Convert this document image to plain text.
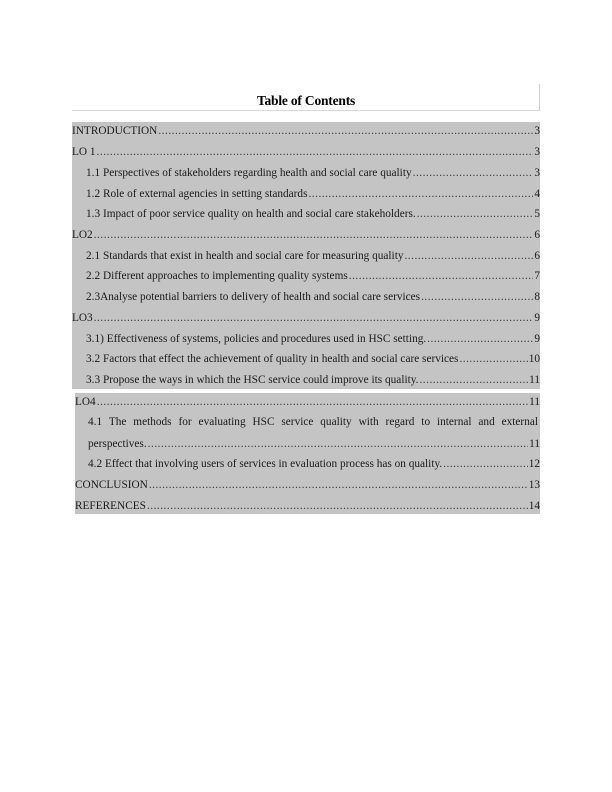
Table of Contents
INTRODUCTION .....	3
LO 1 .....	3
1.1 Perspectives of stakeholders regarding health and social care quality .....	3
1.2 Role of external agencies in setting standards .....	4
1.3 Impact of poor service quality on health and social care stakeholders. .....	5
LO2 .....	6
2.1 Standards that exist in health and social care for measuring quality .....	6
2.2 Different approaches to implementing quality systems .....	7
2.3Analyse potential barriers to delivery of health and social care services .....	8
LO3 .....	9
3.1) Effectiveness of systems, policies and procedures used in HSC setting. .....	9
3.2 Factors that effect the achievement of quality in health and social care services .....	10
3.3 Propose the ways in which the HSC service could improve its quality. .....	11
LO4 .....	11
4.1 The methods for evaluating HSC service quality with regard to internal and external
perspectives. .....	11
4.2 Effect that involving users of services in evaluation process has on quality. .....	12
CONCLUSION .....	13
REFERENCES .....	14
